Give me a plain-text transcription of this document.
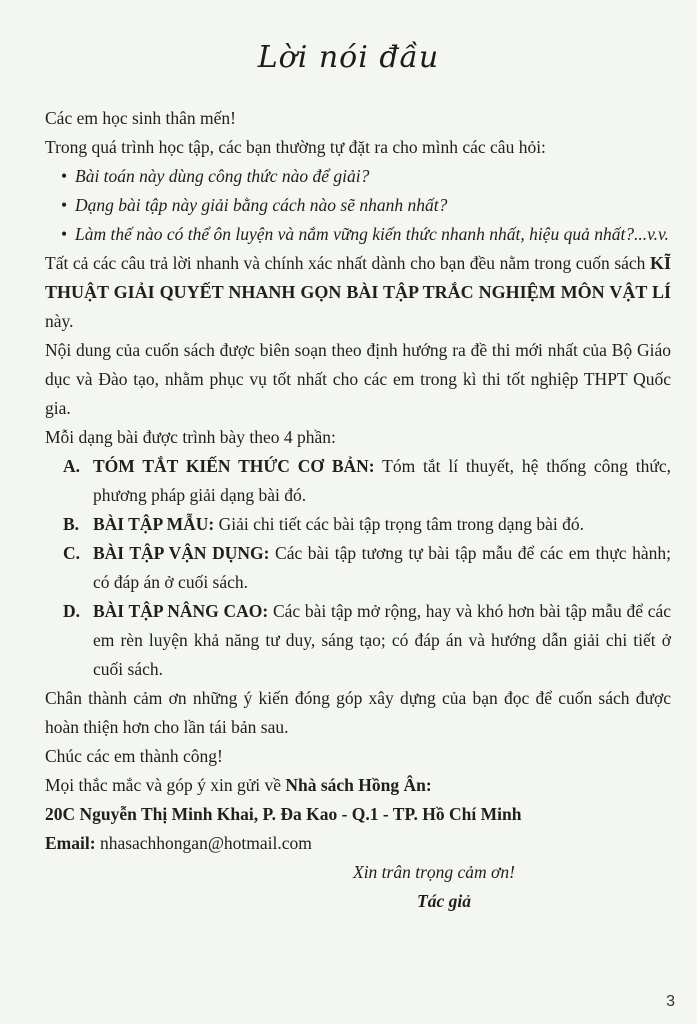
Lời nói đầu

Các em học sinh thân mến!

Trong quá trình học tập, các bạn thường tự đặt ra cho mình các câu hỏi:

• Bài toán này dùng công thức nào để giải?

• Dạng bài tập này giải bằng cách nào sẽ nhanh nhất?

• Làm thế nào có thể ôn luyện và nắm vững kiến thức nhanh nhất, hiệu quả nhất?...v.v.

Tất cả các câu trả lời nhanh và chính xác nhất dành cho bạn đều nằm trong cuốn sách KĨ THUẬT GIẢI QUYẾT NHANH GỌN BÀI TẬP TRẮC NGHIỆM MÔN VẬT LÍ này.

Nội dung của cuốn sách được biên soạn theo định hướng ra đề thi mới nhất của Bộ Giáo dục và Đào tạo, nhằm phục vụ tốt nhất cho các em trong kì thi tốt nghiệp THPT Quốc gia.

Mỗi dạng bài được trình bày theo 4 phần:

A. TÓM TẮT KIẾN THỨC CƠ BẢN: Tóm tắt lí thuyết, hệ thống công thức, phương pháp giải dạng bài đó.

B. BÀI TẬP MẪU: Giải chi tiết các bài tập trọng tâm trong dạng bài đó.

C. BÀI TẬP VẬN DỤNG: Các bài tập tương tự bài tập mẫu để các em thực hành; có đáp án ở cuối sách.

D. BÀI TẬP NÂNG CAO: Các bài tập mở rộng, hay và khó hơn bài tập mẫu để các em rèn luyện khả năng tư duy, sáng tạo; có đáp án và hướng dẫn giải chi tiết ở cuối sách.

Chân thành cảm ơn những ý kiến đóng góp xây dựng của bạn đọc để cuốn sách được hoàn thiện hơn cho lần tái bản sau.

Chúc các em thành công!

Mọi thắc mắc và góp ý xin gửi về Nhà sách Hồng Ân:

20C Nguyễn Thị Minh Khai, P. Đa Kao - Q.1 - TP. Hồ Chí Minh

Email: nhasachhongan@hotmail.com

Xin trân trọng cảm ơn!

Tác giả

3
